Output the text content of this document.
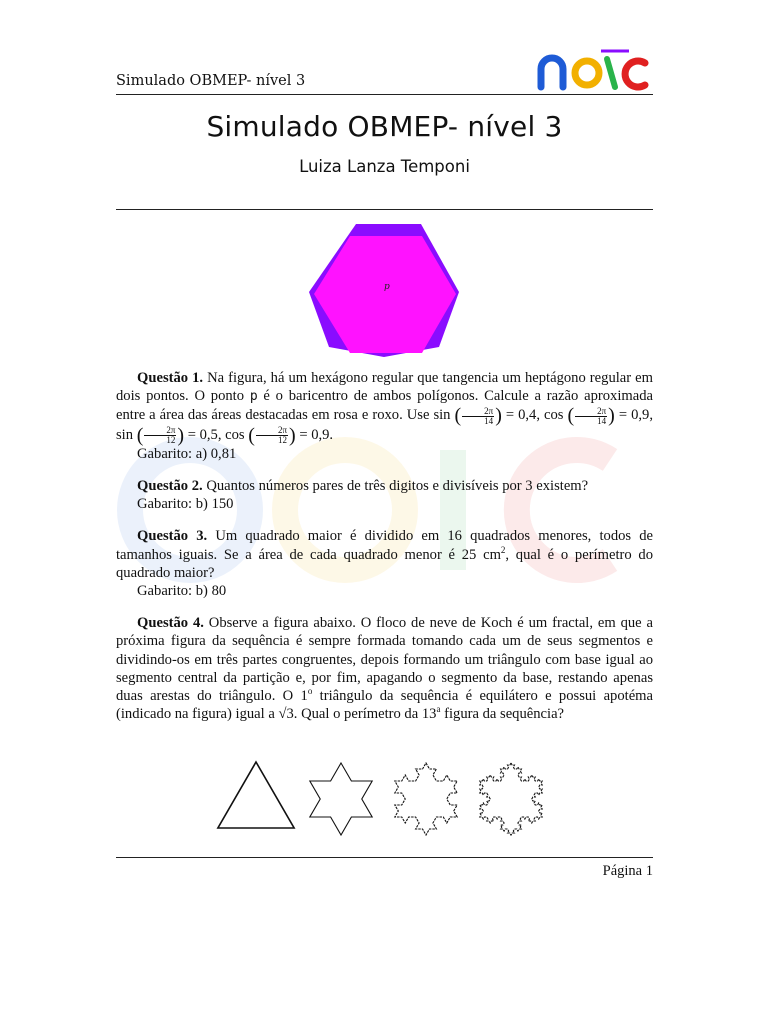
Simulado OBMEP- nível 3
Simulado OBMEP- nível 3
Luiza Lanza Temponi
p

Questão 1. Na figura, há um hexágono regular que tangencia um heptágono regular em dois pontos. O ponto p é o baricentro de ambos polígonos. Calcule a razão aproximada entre a área das áreas destacadas em rosa e roxo. Use sin ( $\frac{2\pi}{14}$ ) = 0,4, cos ( $\frac{2\pi}{14}$ ) = 0,9, sin ( $\frac{2\pi}{12}$ ) = 0,5, cos ( $\frac{2\pi}{12}$ ) = 0,9.

Gabarito: a) 0,81

Questão 2. Quantos números pares de três digitos e divisíveis por 3 existem?

Gabarito: b) 150

Questão 3. Um quadrado maior é dividido em 16 quadrados menores, todos de tamanhos iguais. Se a área de cada quadrado menor é 25 $cm^2$, qual é o perímetro do quadrado maior?

Gabarito: b) 80

Questão 4. Observe a figura abaixo. O floco de neve de Koch é um fractal, em que a próxima figura da sequência é sempre formada tomando cada um de seus segmentos e dividindo-os em três partes congruentes, depois formando um triângulo com base igual ao segmento central da partição e, por fim, apagando o segmento da base, restando apenas duas arestas do triângulo. O 1$^o$ triângulo da sequência é equilátero e possui apotéma (indicado na figura) igual a √3. Qual o perímetro da 13$^a$ figura da sequência?

Página 1
